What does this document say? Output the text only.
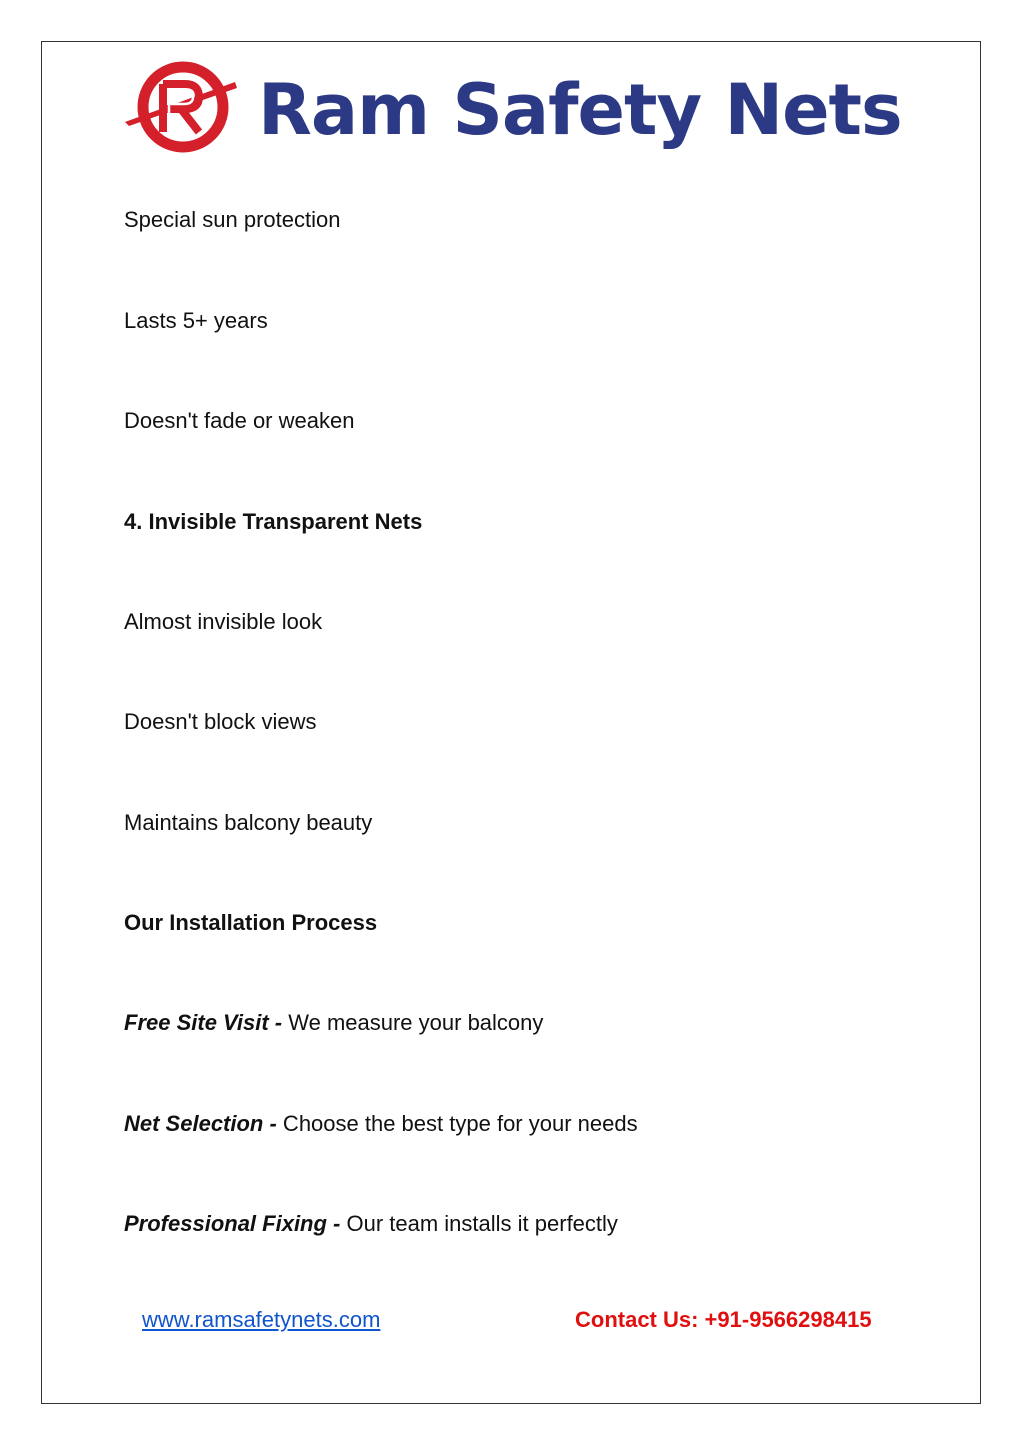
Ram Safety Nets
Special sun protection
Lasts 5+ years
Doesn't fade or weaken
4. Invisible Transparent Nets
Almost invisible look
Doesn't block views
Maintains balcony beauty
Our Installation Process
Free Site Visit - We measure your balcony
Net Selection - Choose the best type for your needs
Professional Fixing - Our team installs it perfectly
www.ramsafetynets.com	Contact Us: +91-9566298415
